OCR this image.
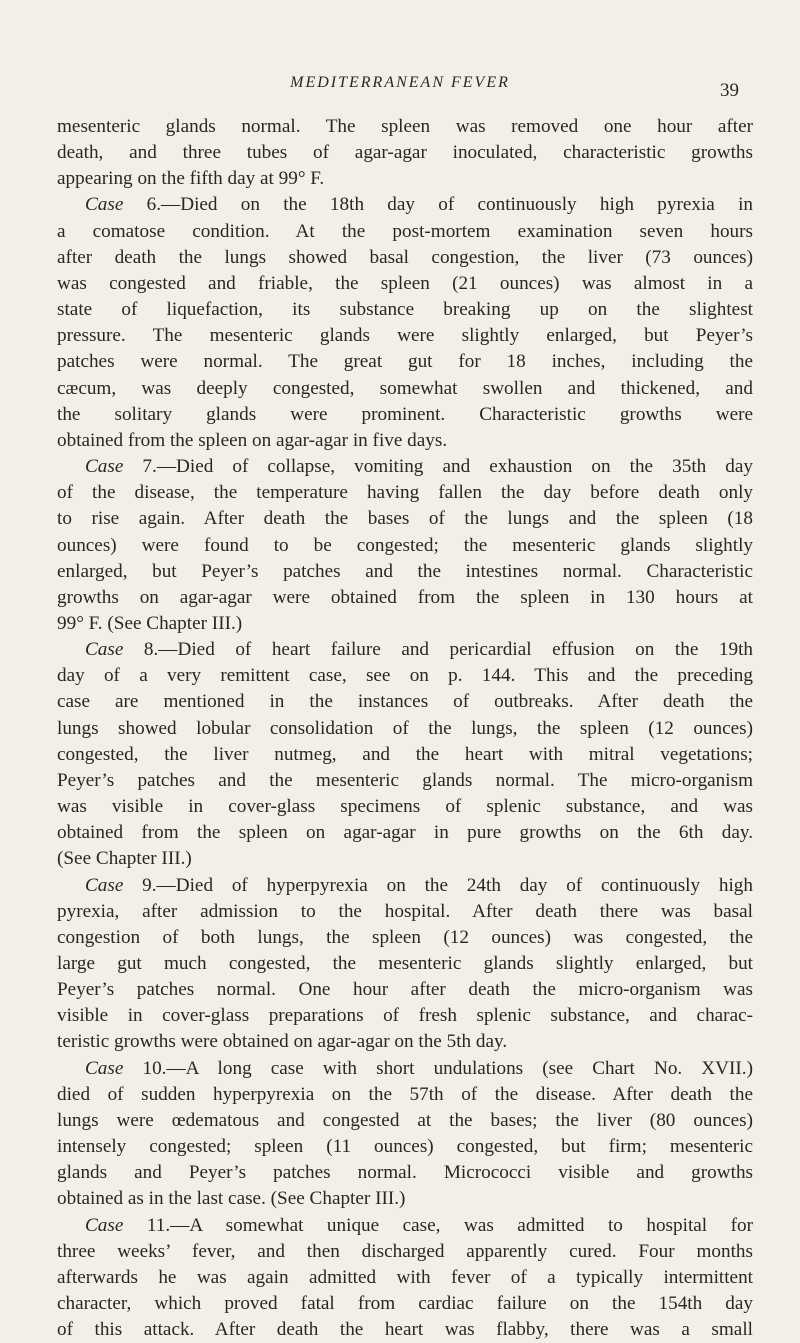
MEDITERRANEAN FEVER	39
mesenteric glands normal. The spleen was removed one hour after
death, and three tubes of agar-agar inoculated, characteristic growths
appearing on the fifth day at 99° F.
Case 6.—Died on the 18th day of continuously high pyrexia in
a comatose condition. At the post-mortem examination seven hours
after death the lungs showed basal congestion, the liver (73 ounces)
was congested and friable, the spleen (21 ounces) was almost in a
state of liquefaction, its substance breaking up on the slightest
pressure. The mesenteric glands were slightly enlarged, but Peyer’s
patches were normal. The great gut for 18 inches, including the
cæcum, was deeply congested, somewhat swollen and thickened, and
the solitary glands were prominent. Characteristic growths were
obtained from the spleen on agar-agar in five days.
Case 7.—Died of collapse, vomiting and exhaustion on the 35th day
of the disease, the temperature having fallen the day before death only
to rise again. After death the bases of the lungs and the spleen (18
ounces) were found to be congested; the mesenteric glands slightly
enlarged, but Peyer’s patches and the intestines normal. Characteristic
growths on agar-agar were obtained from the spleen in 130 hours at
99° F. (See Chapter III.)
Case 8.—Died of heart failure and pericardial effusion on the 19th
day of a very remittent case, see on p. 144. This and the preceding
case are mentioned in the instances of outbreaks. After death the
lungs showed lobular consolidation of the lungs, the spleen (12 ounces)
congested, the liver nutmeg, and the heart with mitral vegetations;
Peyer’s patches and the mesenteric glands normal. The micro-organism
was visible in cover-glass specimens of splenic substance, and was
obtained from the spleen on agar-agar in pure growths on the 6th day.
(See Chapter III.)
Case 9.—Died of hyperpyrexia on the 24th day of continuously high
pyrexia, after admission to the hospital. After death there was basal
congestion of both lungs, the spleen (12 ounces) was congested, the
large gut much congested, the mesenteric glands slightly enlarged, but
Peyer’s patches normal. One hour after death the micro-organism was
visible in cover-glass preparations of fresh splenic substance, and charac-
teristic growths were obtained on agar-agar on the 5th day.
Case 10.—A long case with short undulations (see Chart No. XVII.)
died of sudden hyperpyrexia on the 57th of the disease. After death the
lungs were œdematous and congested at the bases; the liver (80 ounces)
intensely congested; spleen (11 ounces) congested, but firm; mesenteric
glands and Peyer’s patches normal. Micrococci visible and growths
obtained as in the last case. (See Chapter III.)
Case 11.—A somewhat unique case, was admitted to hospital for
three weeks’ fever, and then discharged apparently cured. Four months
afterwards he was again admitted with fever of a typically intermittent
character, which proved fatal from cardiac failure on the 154th day
of this attack. After death the heart was flabby, there was a small
